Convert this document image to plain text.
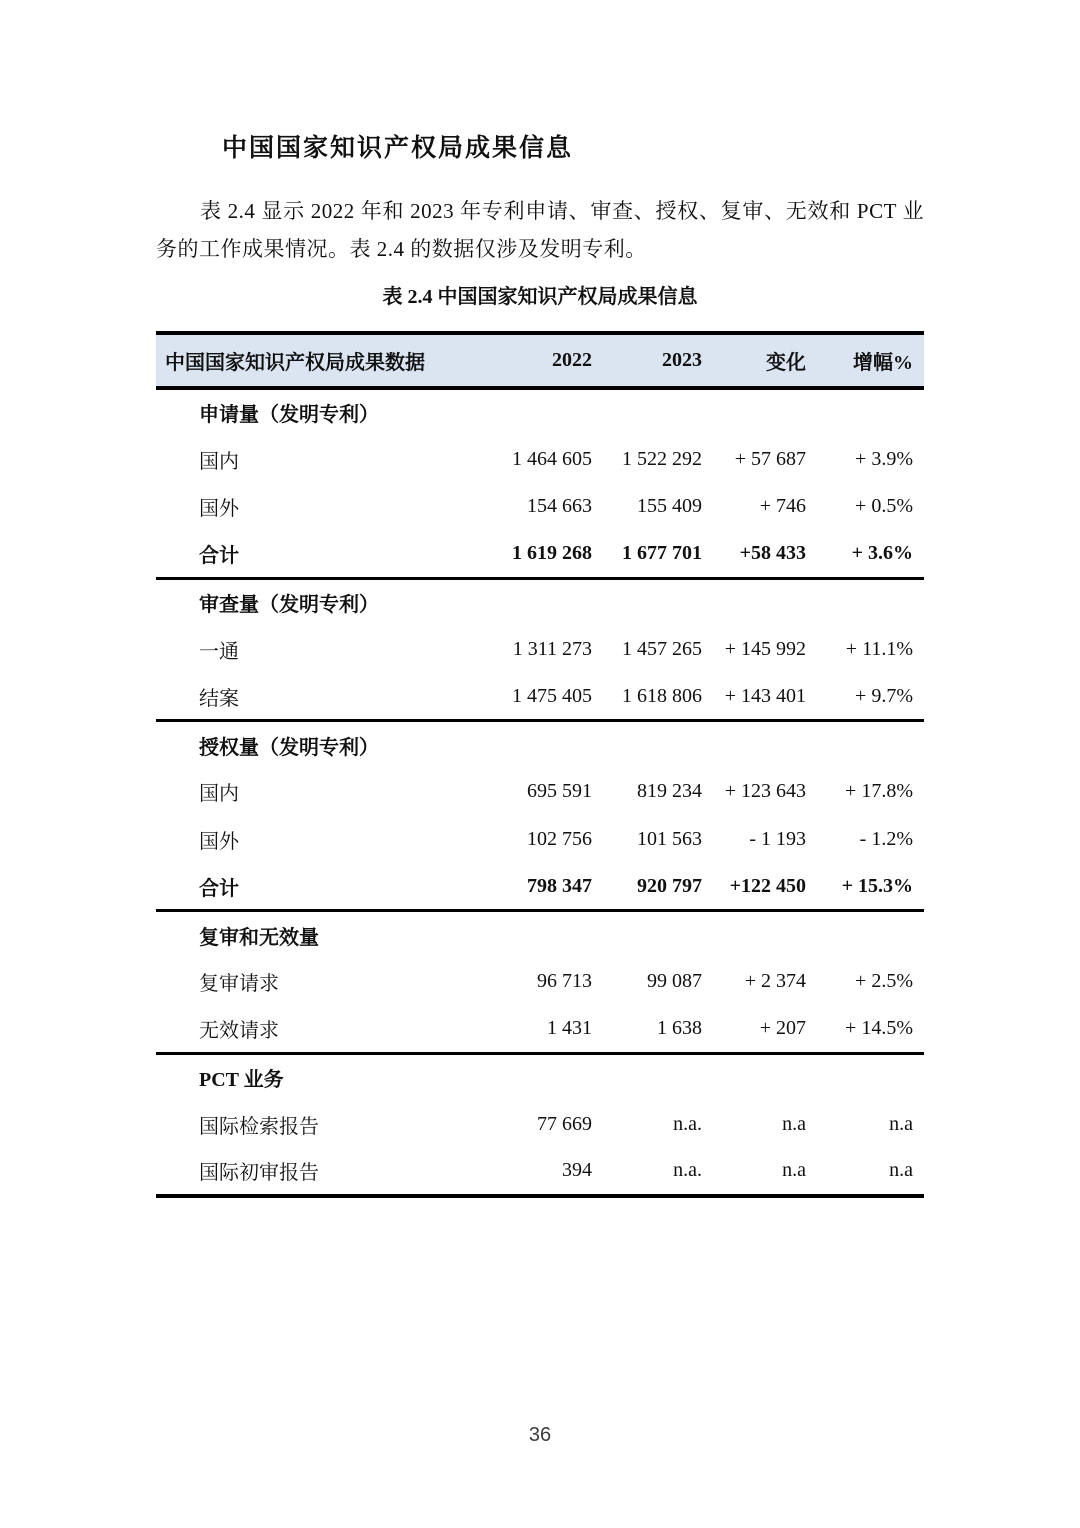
中国国家知识产权局成果信息

表 2.4 显示 2022 年和 2023 年专利申请、审查、授权、复审、无效和 PCT 业务的工作成果情况。表 2.4 的数据仅涉及发明专利。

表 2.4 中国国家知识产权局成果信息
中国国家知识产权局成果数据	2022	2023	变化	增幅%
申请量（发明专利）				
国内	1 464 605	1 522 292	+ 57 687	+ 3.9%
国外	154 663	155 409	+ 746	+ 0.5%
合计	1 619 268	1 677 701	+58 433	+ 3.6%
审查量（发明专利）				
一通	1 311 273	1 457 265	+ 145 992	+ 11.1%
结案	1 475 405	1 618 806	+ 143 401	+ 9.7%
授权量（发明专利）				
国内	695 591	819 234	+ 123 643	+ 17.8%
国外	102 756	101 563	- 1 193	- 1.2%
合计	798 347	920 797	+122 450	+ 15.3%
复审和无效量				
复审请求	96 713	99 087	+ 2 374	+ 2.5%
无效请求	1 431	1 638	+ 207	+ 14.5%
PCT 业务				
国际检索报告	77 669	n.a.	n.a	n.a
国际初审报告	394	n.a.	n.a	n.a
36
